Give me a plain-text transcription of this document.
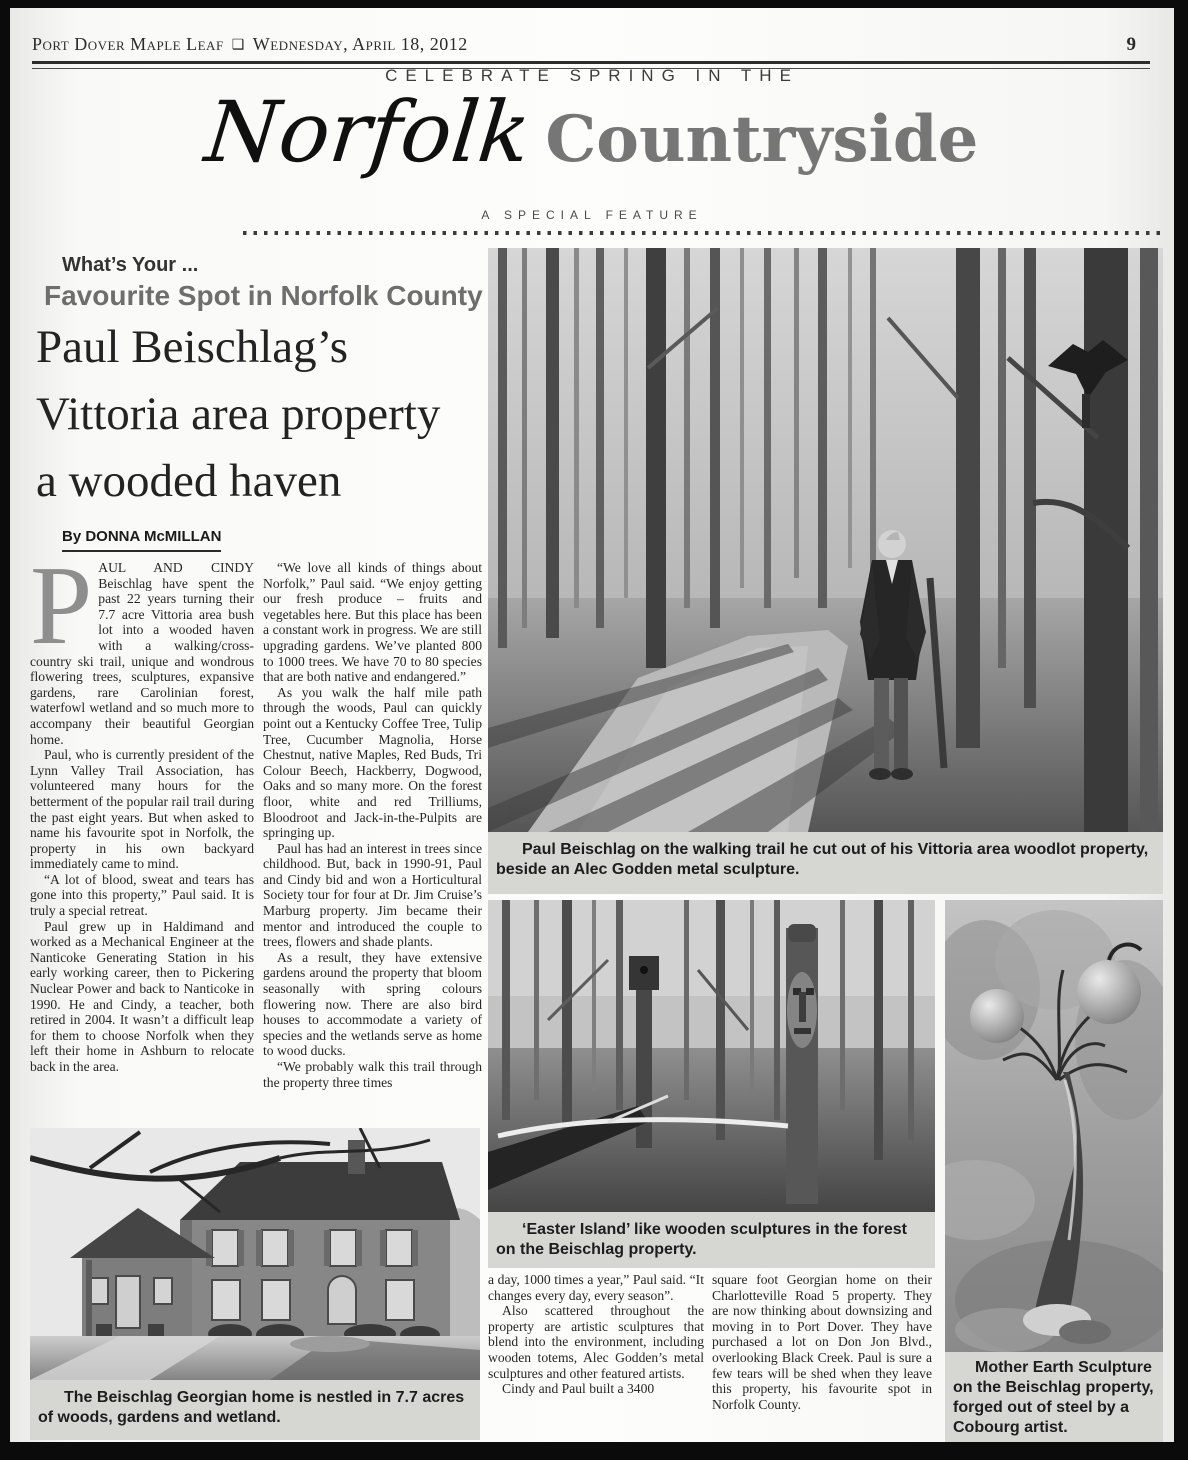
Port Dover Maple Leaf ❑ Wednesday, April 18, 2012	9
CELEBRATE SPRING IN THE
Norfolk Countryside
A SPECIAL FEATURE
What’s Your ...
Favourite Spot in Norfolk County
Paul Beischlag’s
Vittoria area property
a wooded haven
By DONNA McMILLAN

PAUL AND CINDY Beischlag have spent the past 22 years turning their 7.7 acre Vittoria area bush lot into a wooded haven with a walking/cross-country ski trail, unique and wondrous flowering trees, sculptures, expansive gardens, rare Carolinian forest, waterfowl wetland and so much more to accompany their beautiful Georgian home.

Paul, who is currently president of the Lynn Valley Trail Association, has volunteered many hours for the betterment of the popular rail trail during the past eight years. But when asked to name his favourite spot in Norfolk, the property in his own backyard immediately came to mind.

“A lot of blood, sweat and tears has gone into this property,” Paul said. It is truly a special retreat.

Paul grew up in Haldimand and worked as a Mechanical Engineer at the Nanticoke Generating Station in his early working career, then to Pickering Nuclear Power and back to Nanticoke in 1990. He and Cindy, a teacher, both retired in 2004. It wasn’t a difficult leap for them to choose Norfolk when they left their home in Ashburn to relocate back in the area.

“We love all kinds of things about Norfolk,” Paul said. “We enjoy getting our fresh produce – fruits and vegetables here. But this place has been a constant work in progress. We are still upgrading gardens. We’ve planted 800 to 1000 trees. We have 70 to 80 species that are both native and endangered.”

As you walk the half mile path through the woods, Paul can quickly point out a Kentucky Coffee Tree, Tulip Tree, Cucumber Magnolia, Horse Chestnut, native Maples, Red Buds, Tri Colour Beech, Hackberry, Dogwood, Oaks and so many more. On the forest floor, white and red Trilliums, Bloodroot and Jack-in-the-Pulpits are springing up.

Paul has had an interest in trees since childhood. But, back in 1990-91, Paul and Cindy bid and won a Horticultural Society tour for four at Dr. Jim Cruise’s Marburg property. Jim became their mentor and introduced the couple to trees, flowers and shade plants.

As a result, they have extensive gardens around the property that bloom seasonally with spring colours flowering now. There are also bird houses to accommodate a variety of species and the wetlands serve as home to wood ducks.

“We probably walk this trail through the property three times

a day, 1000 times a year,” Paul said. “It changes every day, every season”.

Also scattered throughout the property are artistic sculptures that blend into the environment, including wooden totems, Alec Godden’s metal sculptures and other featured artists.

Cindy and Paul built a 3400

square foot Georgian home on their Charlotteville Road 5 property. They are now thinking about downsizing and moving in to Port Dover. They have purchased a lot on Don Jon Blvd., overlooking Black Creek. Paul is sure a few tears will be shed when they leave this property, his favourite spot in Norfolk County.

Paul Beischlag on the walking trail he cut out of his Vittoria area woodlot property, beside an Alec Godden metal sculpture.
‘Easter Island’ like wooden sculptures in the forest on the Beischlag property.
Mother Earth Sculpture on the Beischlag property, forged out of steel by a Cobourg artist.
The Beischlag Georgian home is nestled in 7.7 acres of woods, gardens and wetland.
